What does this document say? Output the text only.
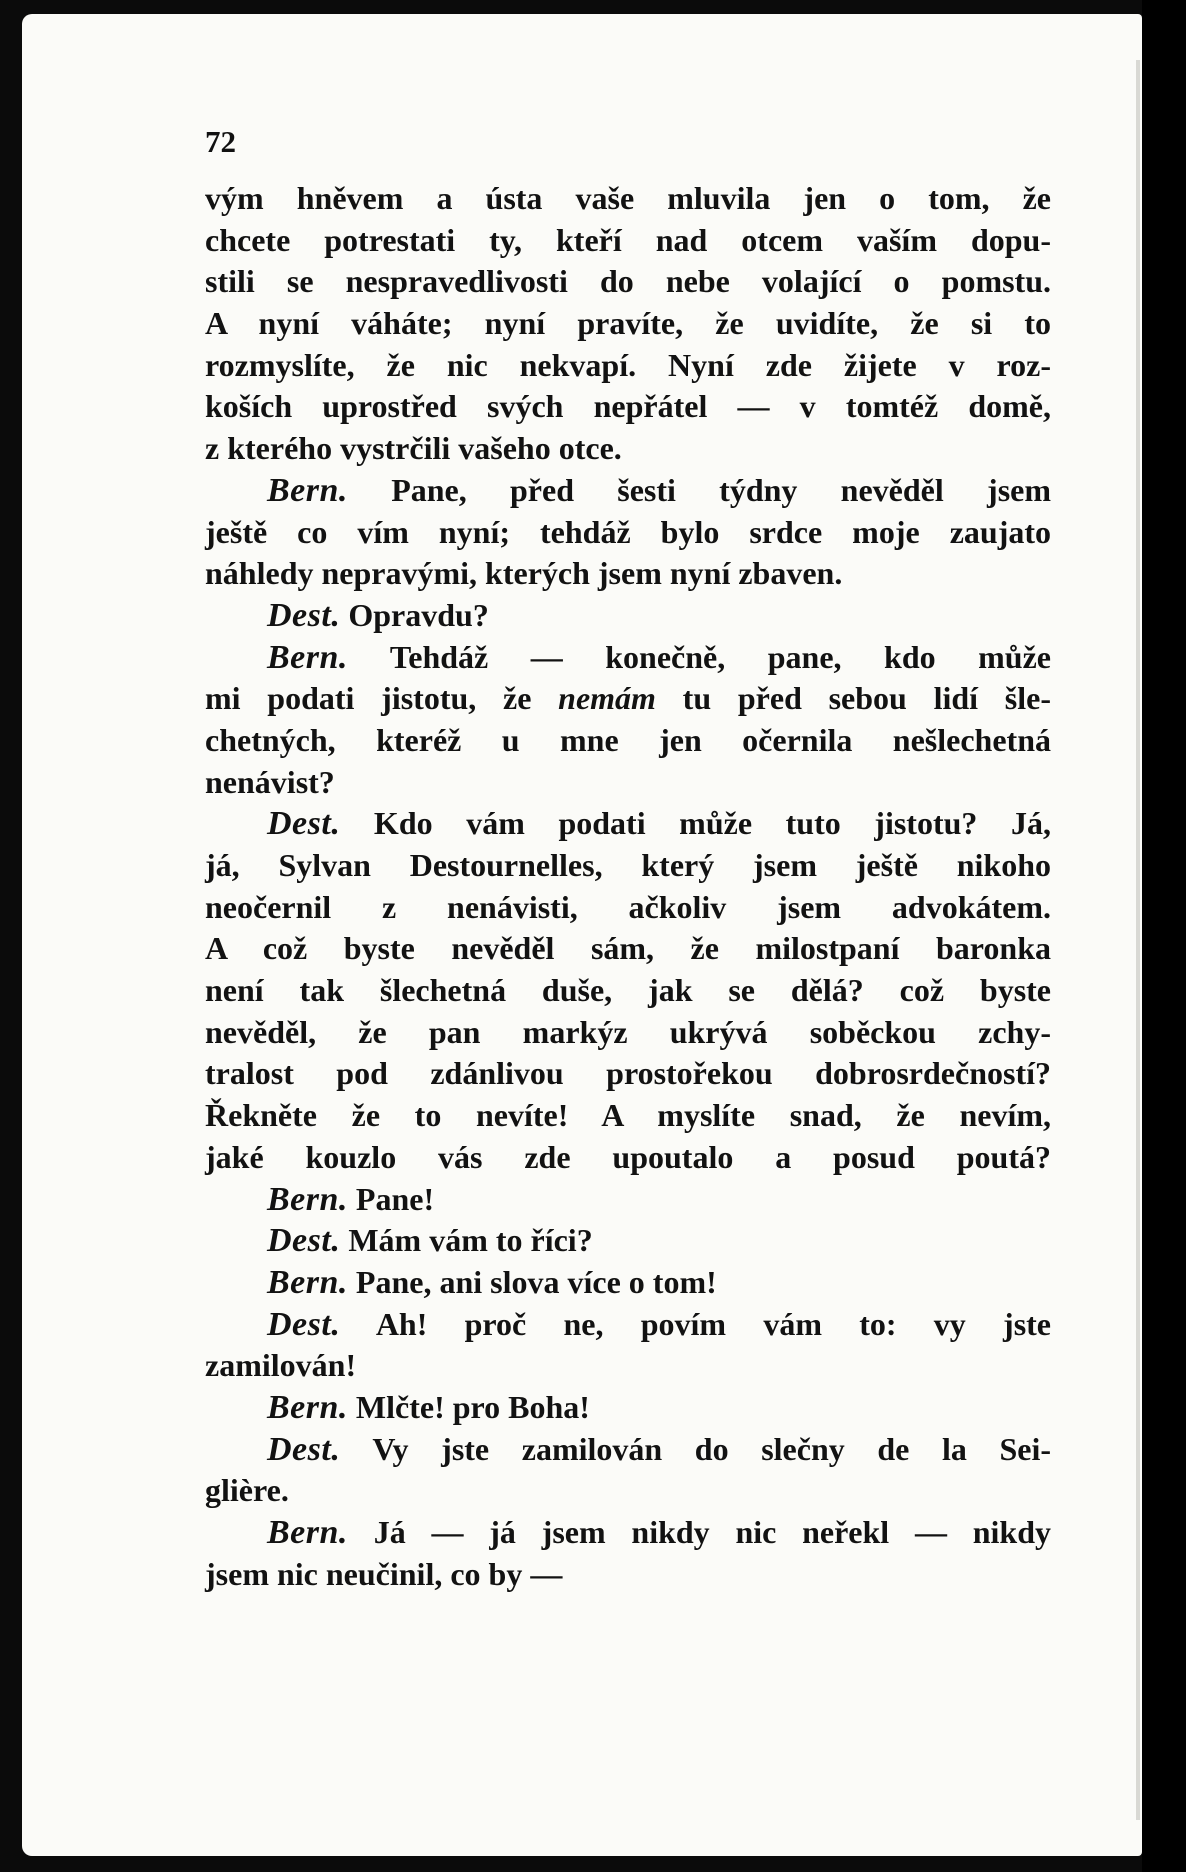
72
vým hněvem a ústa vaše mluvila jen o tom, že
chcete potrestati ty, kteří nad otcem vaším dopu-
stili se nespravedlivosti do nebe volající o pomstu.
A nyní váháte; nyní pravíte, že uvidíte, že si to
rozmyslíte, že nic nekvapí. Nyní zde žijete v roz-
koších uprostřed svých nepřátel — v tomtéž domě,
z kterého vystrčili vašeho otce.
Bern. Pane, před šesti týdny nevěděl jsem
ještě co vím nyní; tehdáž bylo srdce moje zaujato
náhledy nepravými, kterých jsem nyní zbaven.
Dest. Opravdu?
Bern. Tehdáž — konečně, pane, kdo může
mi podati jistotu, že nemám tu před sebou lidí šle-
chetných, kteréž u mne jen očernila nešlechetná
nenávist?
Dest. Kdo vám podati může tuto jistotu? Já,
já, Sylvan Destournelles, který jsem ještě nikoho
neočernil z nenávisti, ačkoliv jsem advokátem.
A což byste nevěděl sám, že milostpaní baronka
není tak šlechetná duše, jak se dělá? což byste
nevěděl, že pan markýz ukrývá soběckou zchy-
tralost pod zdánlivou prostořekou dobrosrdečností?
Řekněte že to nevíte! A myslíte snad, že nevím,
jaké kouzlo vás zde upoutalo a posud poutá?
Bern. Pane!
Dest. Mám vám to říci?
Bern. Pane, ani slova více o tom!
Dest. Ah! proč ne, povím vám to: vy jste
zamilován!
Bern. Mlčte! pro Boha!
Dest. Vy jste zamilován do slečny de la Sei-
glière.
Bern. Já — já jsem nikdy nic neřekl — nikdy
jsem nic neučinil, co by —
